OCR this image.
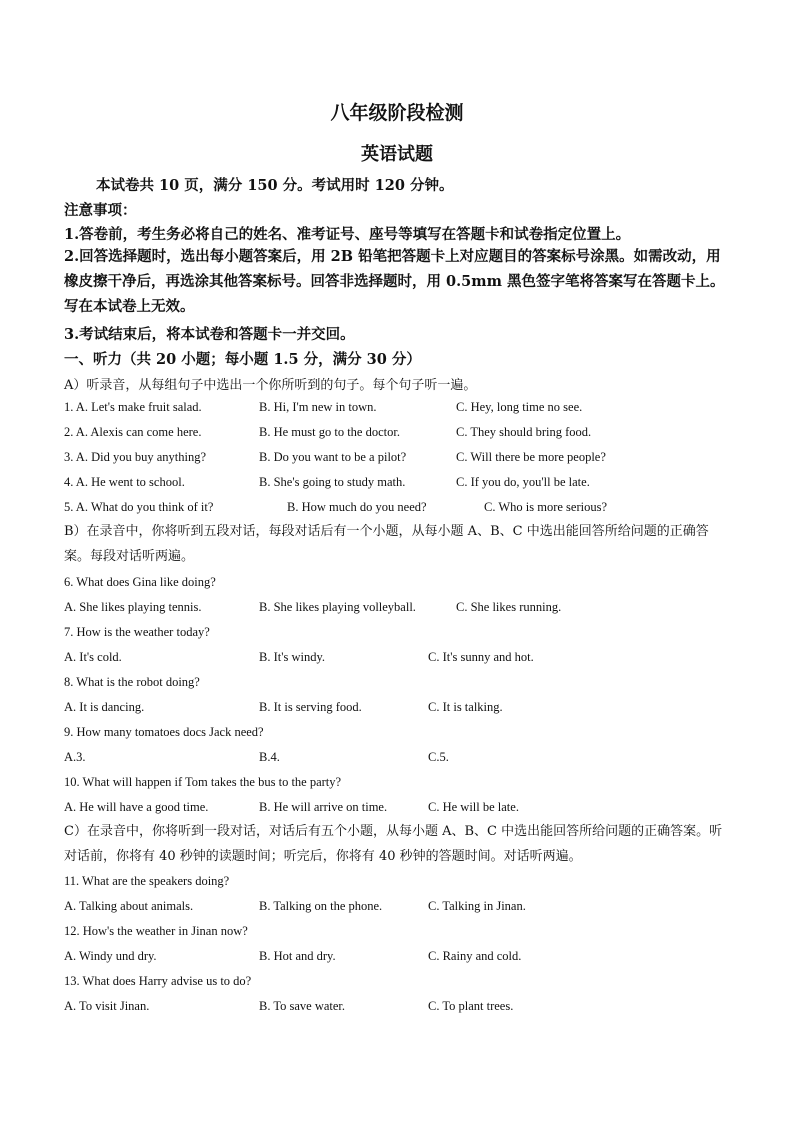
八年级阶段检测
英语试题
本试卷共 10 页，满分 150 分。考试用时 120 分钟。
注意事项：
1.答卷前，考生务必将自己的姓名、准考证号、座号等填写在答题卡和试卷指定位置上。
2.回答选择题时，选出每小题答案后，用 2B 铅笔把答题卡上对应题目的答案标号涂黑。如需改动，用橡皮擦干净后，再选涂其他答案标号。回答非选择题时，用 0.5mm 黑色签字笔将答案写在答题卡上。写在本试卷上无效。
3.考试结束后，将本试卷和答题卡一并交回。
一、听力（共 20 小题；每小题 1.5 分，满分 30 分）
A）听录音，从每组句子中选出一个你所听到的句子。每个句子听一遍。
1. A. Let's make fruit salad.	B. Hi, I'm new in town.	C. Hey, long time no see.
2. A. Alexis can come here.	B. He must go to the doctor.	C. They should bring food.
3. A. Did you buy anything?	B. Do you want to be a pilot?	C. Will there be more people?
4. A. He went to school.	B. She's going to study math.	C. If you do, you'll be late.
5. A. What do you think of it?	B. How much do you need?	C. Who is more serious?
B）在录音中，你将听到五段对话，每段对话后有一个小题，从每小题 A、B、C 中选出能回答所给问题的正确答案。每段对话听两遍。
6. What does Gina like doing?
A. She likes playing tennis.	B. She likes playing volleyball.	C. She likes running.
7. How is the weather today?
A. It's cold.	B. It's windy.	C. It's sunny and hot.
8. What is the robot doing?
A. It is dancing.	B. It is serving food.	C. It is talking.
9. How many tomatoes docs Jack need?
A.3.	B.4.	C.5.
10. What will happen if Tom takes the bus to the party?
A. He will have a good time.	B. He will arrive on time.	C. He will be late.
C）在录音中，你将听到一段对话，对话后有五个小题，从每小题 A、B、C 中选出能回答所给问题的正确答案。听对话前，你将有 40 秒钟的读题时间；听完后，你将有 40 秒钟的答题时间。对话听两遍。
11. What are the speakers doing?
A. Talking about animals.	B. Talking on the phone.	C. Talking in Jinan.
12. How's the weather in Jinan now?
A. Windy und dry.	B. Hot and dry.	C. Rainy and cold.
13. What does Harry advise us to do?
A. To visit Jinan.	B. To save water.	C. To plant trees.
